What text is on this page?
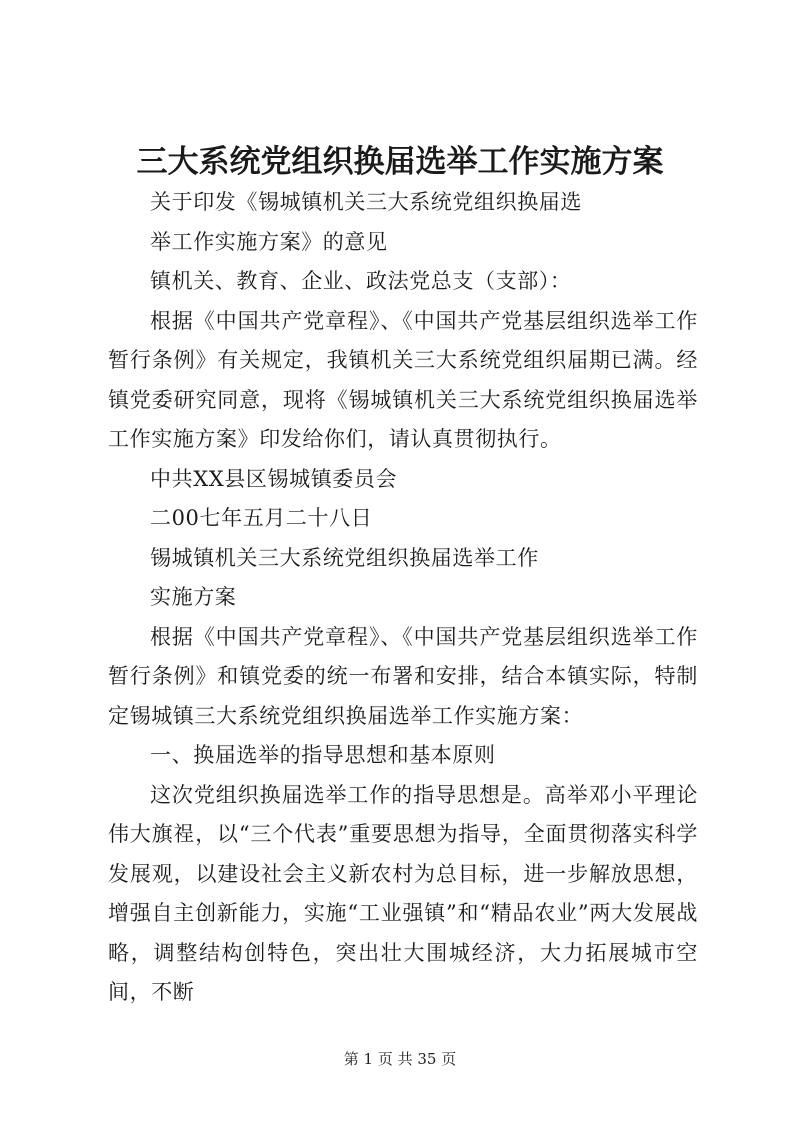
三大系统党组织换届选举工作实施方案

关于印发《锡城镇机关三大系统党组织换届选

举工作实施方案》的意见

镇机关、教育、企业、政法党总支（支部）：

根据《中国共产党章程》、《中国共产党基层组织选举工作暂行条例》有关规定，我镇机关三大系统党组织届期已满。经镇党委研究同意，现将《锡城镇机关三大系统党组织换届选举工作实施方案》印发给你们，请认真贯彻执行。

中共XX县区锡城镇委员会

二00七年五月二十八日

锡城镇机关三大系统党组织换届选举工作

实施方案

根据《中国共产党章程》、《中国共产党基层组织选举工作暂行条例》和镇党委的统一布署和安排，结合本镇实际，特制定锡城镇三大系统党组织换届选举工作实施方案：

一、换届选举的指导思想和基本原则

这次党组织换届选举工作的指导思想是。高举邓小平理论伟大旗䄇，以“三个代表”重要思想为指导，全面贯彻落实科学发展观，以建设社会主义新农村为总目标，进一步解放思想，增强自主创新能力，实施“工业强镇”和“精品农业”两大发展战略，调整结构创特色，突出壮大围城经济，大力拓展城市空间，不断

第 1 页 共 35 页
